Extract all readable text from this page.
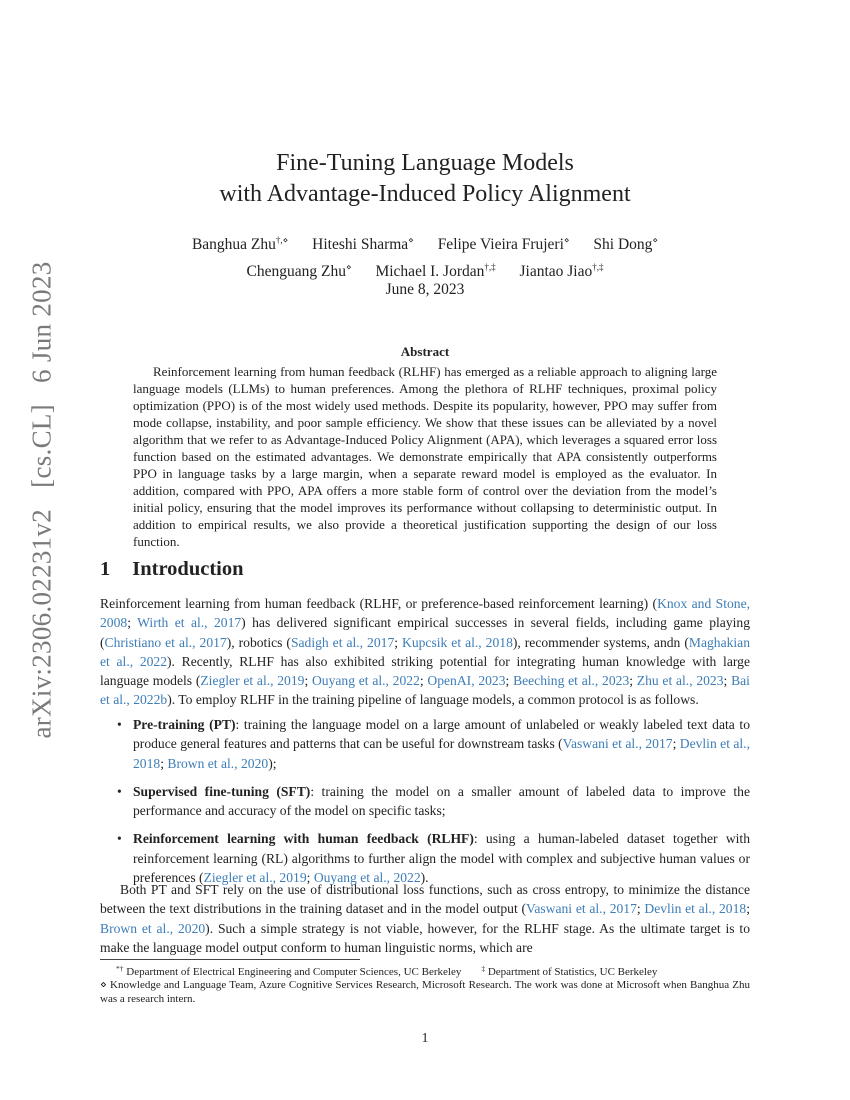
arXiv:2306.02231v2 [cs.CL] 6 Jun 2023
Fine-Tuning Language Models
with Advantage-Induced Policy Alignment
Banghua Zhu†,⋄ Hiteshi Sharma⋄ Felipe Vieira Frujeri⋄ Shi Dong⋄
Chenguang Zhu⋄ Michael I. Jordan†,‡ Jiantao Jiao†,‡
June 8, 2023
Abstract
Reinforcement learning from human feedback (RLHF) has emerged as a reliable approach to aligning large language models (LLMs) to human preferences. Among the plethora of RLHF techniques, proximal policy optimization (PPO) is of the most widely used methods. Despite its popularity, however, PPO may suffer from mode collapse, instability, and poor sample efficiency. We show that these issues can be alleviated by a novel algorithm that we refer to as Advantage-Induced Policy Alignment (APA), which leverages a squared error loss function based on the estimated advantages. We demonstrate empirically that APA consistently outperforms PPO in language tasks by a large margin, when a separate reward model is employed as the evaluator. In addition, compared with PPO, APA offers a more stable form of control over the deviation from the model’s initial policy, ensuring that the model improves its performance without collapsing to deterministic output. In addition to empirical results, we also provide a theoretical justification supporting the design of our loss function.
1 Introduction
Reinforcement learning from human feedback (RLHF, or preference-based reinforcement learning) (Knox and Stone, 2008; Wirth et al., 2017) has delivered significant empirical successes in several fields, including game playing (Christiano et al., 2017), robotics (Sadigh et al., 2017; Kupcsik et al., 2018), recommender systems, andn (Maghakian et al., 2022). Recently, RLHF has also exhibited striking potential for integrating human knowledge with large language models (Ziegler et al., 2019; Ouyang et al., 2022; OpenAI, 2023; Beeching et al., 2023; Zhu et al., 2023; Bai et al., 2022b). To employ RLHF in the training pipeline of language models, a common protocol is as follows.
• Pre-training (PT): training the language model on a large amount of unlabeled or weakly labeled text data to produce general features and patterns that can be useful for downstream tasks (Vaswani et al., 2017; Devlin et al., 2018; Brown et al., 2020);
• Supervised fine-tuning (SFT): training the model on a smaller amount of labeled data to improve the performance and accuracy of the model on specific tasks;
• Reinforcement learning with human feedback (RLHF): using a human-labeled dataset together with reinforcement learning (RL) algorithms to further align the model with complex and subjective human values or preferences (Ziegler et al., 2019; Ouyang et al., 2022).
Both PT and SFT rely on the use of distributional loss functions, such as cross entropy, to minimize the distance between the text distributions in the training dataset and in the model output (Vaswani et al., 2017; Devlin et al., 2018; Brown et al., 2020). Such a simple strategy is not viable, however, for the RLHF stage. As the ultimate target is to make the language model output conform to human linguistic norms, which are
*† Department of Electrical Engineering and Computer Sciences, UC Berkeley	‡ Department of Statistics, UC Berkeley
⋄ Knowledge and Language Team, Azure Cognitive Services Research, Microsoft Research. The work was done at Microsoft when Banghua Zhu was a research intern.
1
